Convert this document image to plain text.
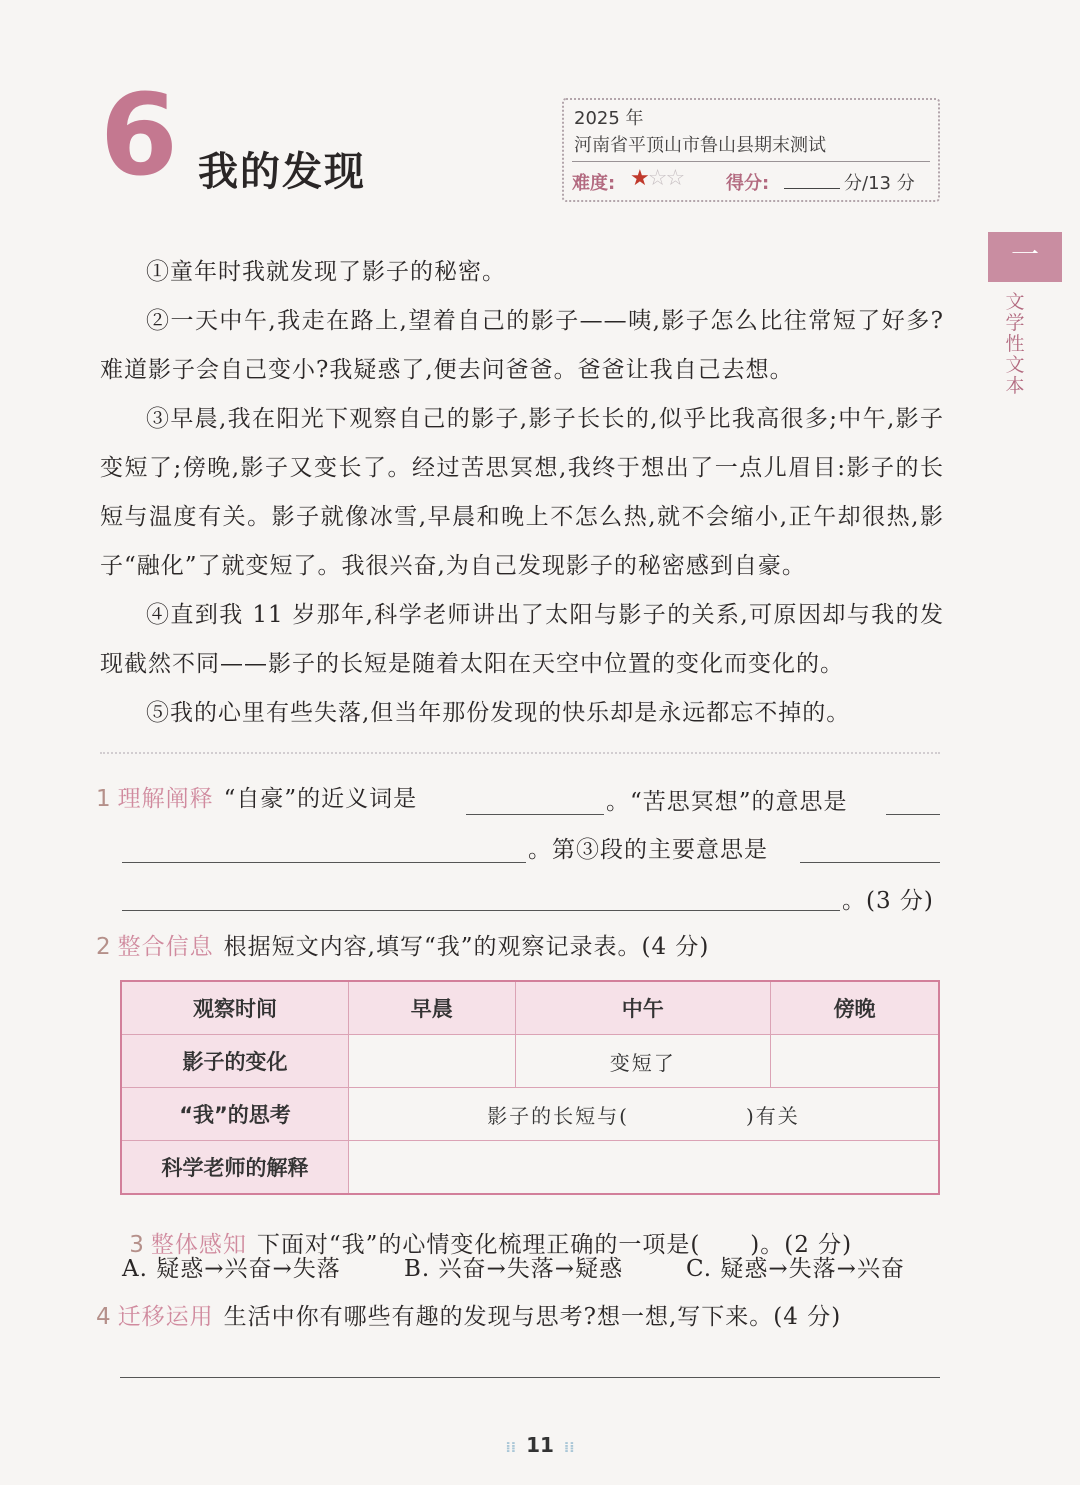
6 我的发现
2025 年
河南省平顶山市鲁山县期末测试
难度: ★☆☆ 得分:	分/13 分
一
文学性文本

①童年时我就发现了影子的秘密。

②一天中午,我走在路上,望着自己的影子——咦,影子怎么比往常短了好多?难道影子会自己变小?我疑惑了,便去问爸爸。爸爸让我自己去想。

③早晨,我在阳光下观察自己的影子,影子长长的,似乎比我高很多;中午,影子变短了;傍晚,影子又变长了。经过苦思冥想,我终于想出了一点儿眉目:影子的长短与温度有关。影子就像冰雪,早晨和晚上不怎么热,就不会缩小,正午却很热,影子“融化”了就变短了。我很兴奋,为自己发现影子的秘密感到自豪。

④直到我 11 岁那年,科学老师讲出了太阳与影子的关系,可原因却与我的发现截然不同——影子的长短是随着太阳在天空中位置的变化而变化的。

⑤我的心里有些失落,但当年那份发现的快乐却是永远都忘不掉的。

1 理解阐释 “自豪”的近义词是	。“苦思冥想”的意思是
。第③段的主要意思是
。(3 分)
2 整合信息 根据短文内容,填写“我”的观察记录表。(4 分)
观察时间	早晨	中午	傍晚
影子的变化		变短了	
“我”的思考	影子的长短与(              )有关		
科学老师的解释			

3 整体感知 下面对“我”的心情变化梳理正确的一项是(      )。(2 分)

A. 疑惑→兴奋→失落	B. 兴奋→失落→疑惑	C. 疑惑→失落→兴奋
4 迁移运用 生活中你有哪些有趣的发现与思考?想一想,写下来。(4 分)
⁞⁞ 11 ⁞⁞
